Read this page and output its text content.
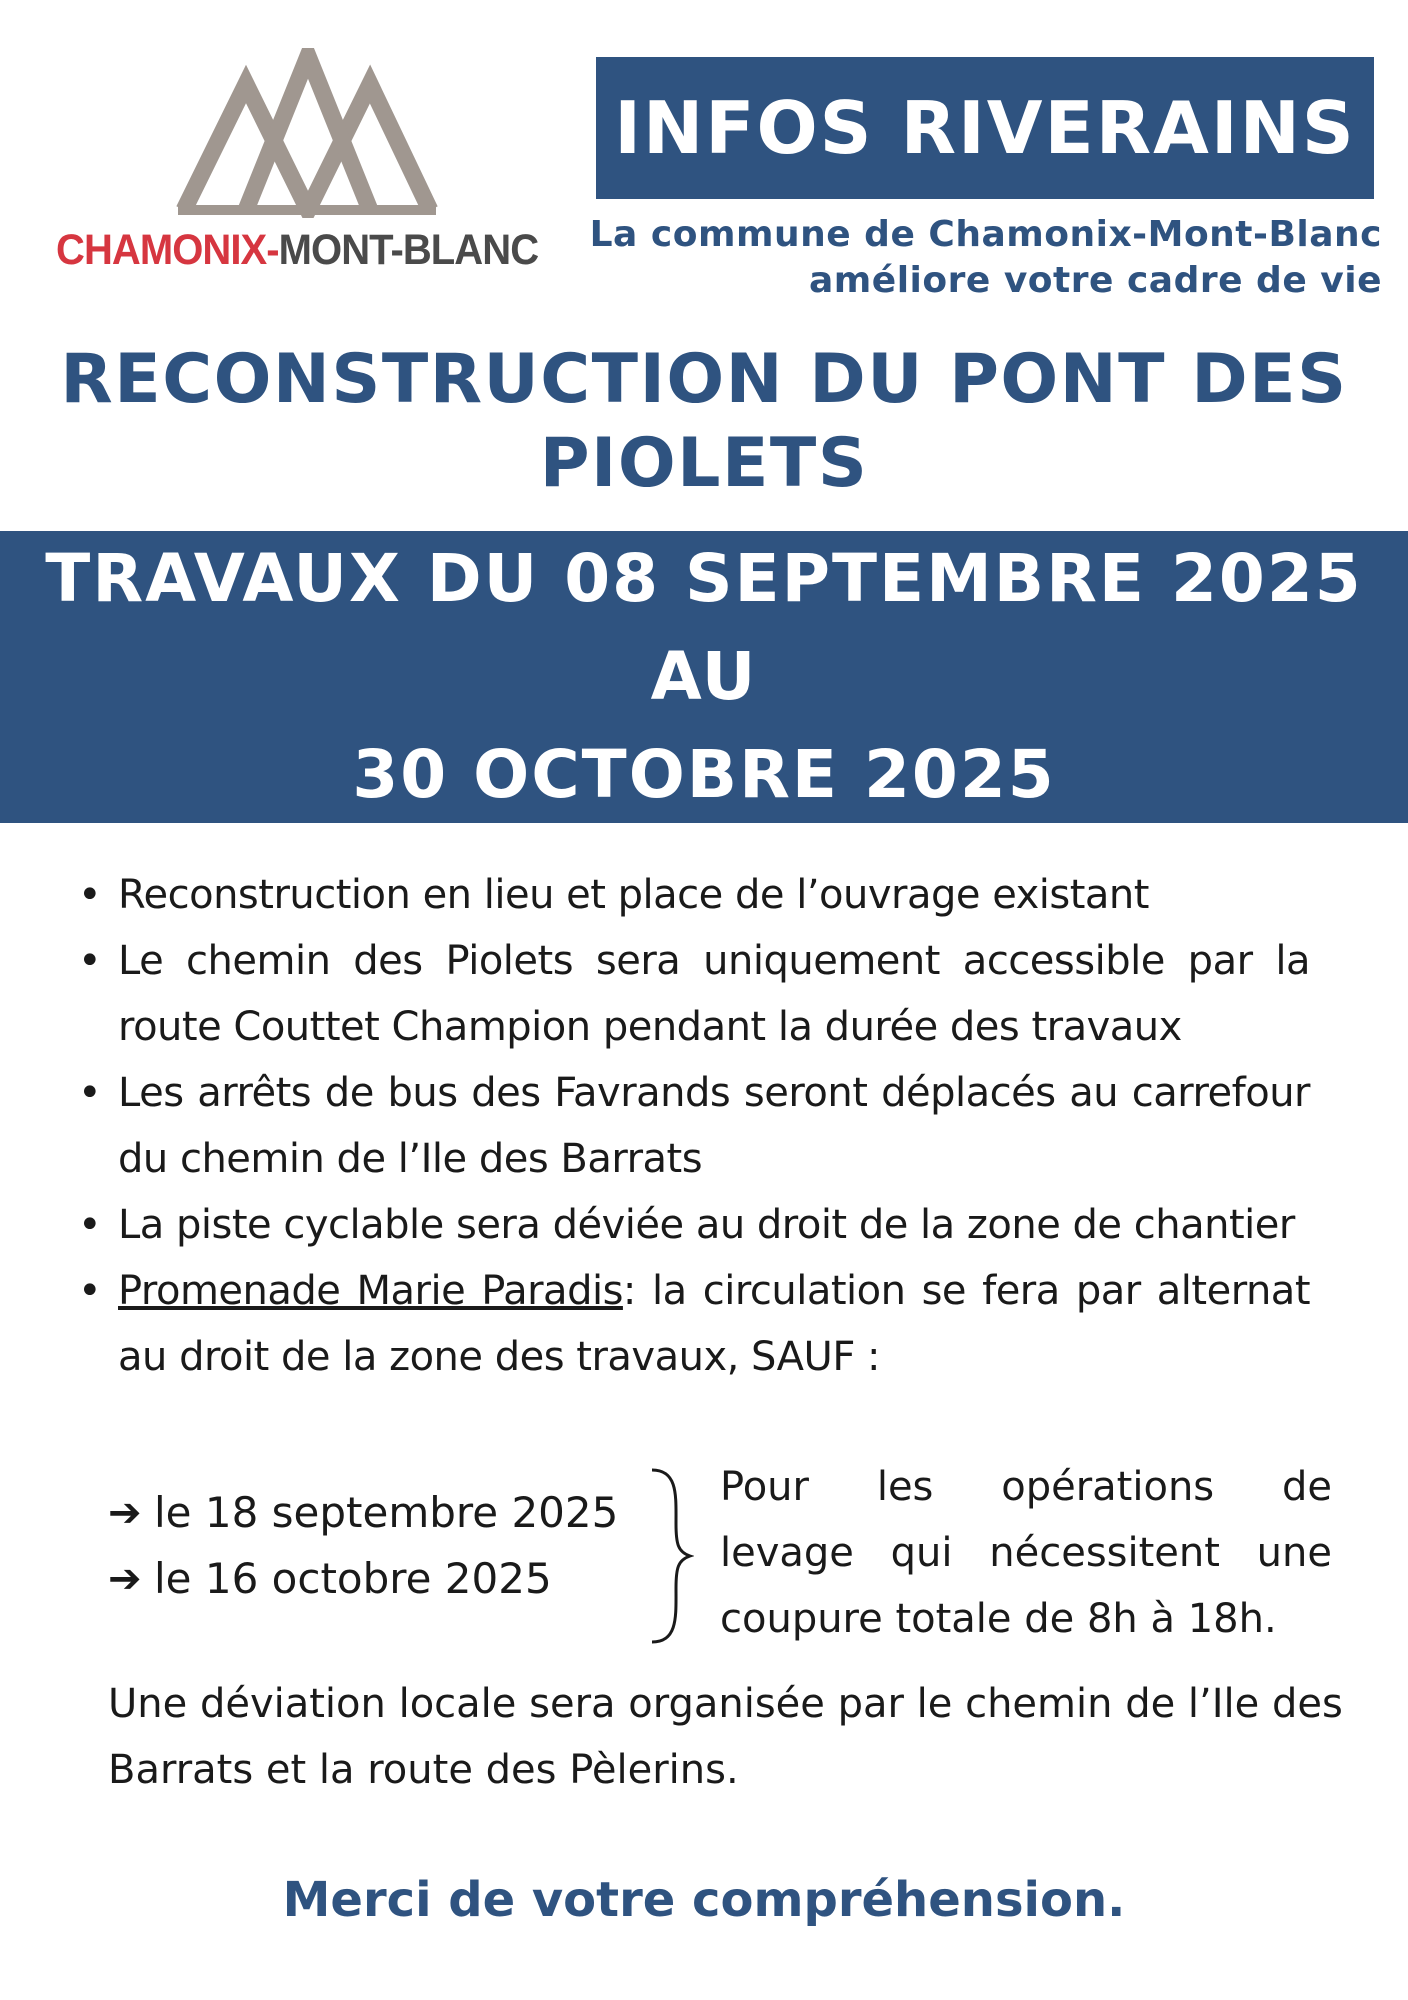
CHAMONIX-MONT-BLANC
INFOS RIVERAINS
La commune de Chamonix-Mont-Blanc
améliore votre cadre de vie
RECONSTRUCTION DU PONT DES
PIOLETS
TRAVAUX DU 08 SEPTEMBRE 2025 AU
30 OCTOBRE 2025
• Reconstruction en lieu et place de l’ouvrage existant
• Le chemin des Piolets sera uniquement accessible par la route Couttet Champion pendant la durée des travaux
• Les arrêts de bus des Favrands seront déplacés au carrefour du chemin de l’Ile des Barrats
• La piste cyclable sera déviée au droit de la zone de chantier
• Promenade Marie Paradis: la circulation se fera par alternat au droit de la zone des travaux, SAUF :
➔ le 18 septembre 2025
➔ le 16 octobre 2025
Pour les opérations de
levage qui nécessitent une
coupure totale de 8h à 18h.
Une déviation locale sera organisée par le chemin de l’Ile des Barrats et la route des Pèlerins.
Merci de votre compréhension.
